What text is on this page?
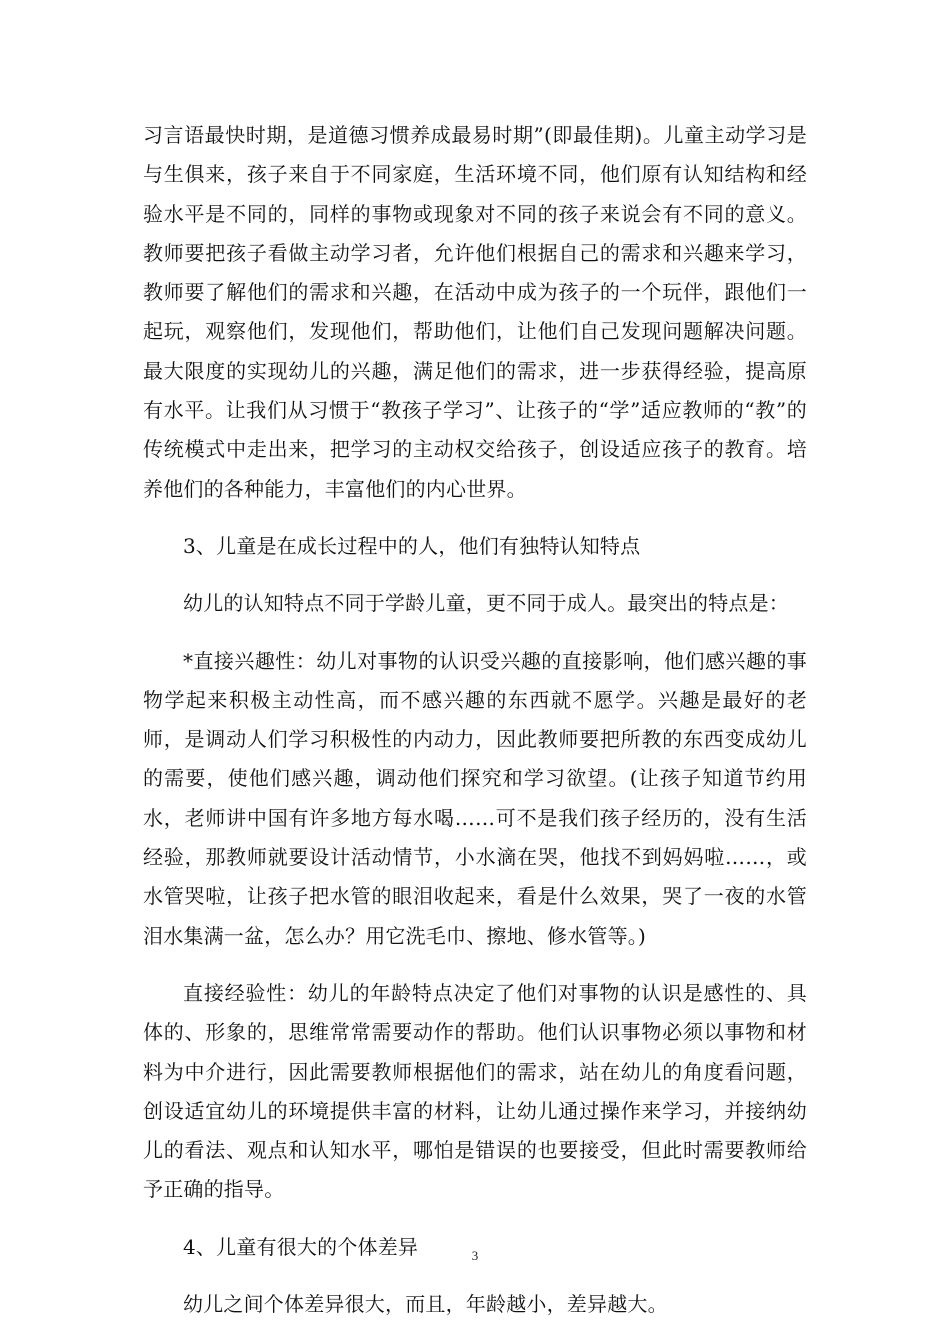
习言语最快时期，是道德习惯养成最易时期”(即最佳期)。儿童主动学习是与生俱来，孩子来自于不同家庭，生活环境不同，他们原有认知结构和经验水平是不同的，同样的事物或现象对不同的孩子来说会有不同的意义。教师要把孩子看做主动学习者，允许他们根据自己的需求和兴趣来学习，教师要了解他们的需求和兴趣，在活动中成为孩子的一个玩伴，跟他们一起玩，观察他们，发现他们，帮助他们，让他们自己发现问题解决问题。最大限度的实现幼儿的兴趣，满足他们的需求，进一步获得经验，提高原有水平。让我们从习惯于“教孩子学习”、让孩子的“学”适应教师的“教”的传统模式中走出来，把学习的主动权交给孩子，创设适应孩子的教育。培养他们的各种能力，丰富他们的内心世界。

3、儿童是在成长过程中的人，他们有独特认知特点

幼儿的认知特点不同于学龄儿童，更不同于成人。最突出的特点是：

*直接兴趣性：幼儿对事物的认识受兴趣的直接影响，他们感兴趣的事物学起来积极主动性高，而不感兴趣的东西就不愿学。兴趣是最好的老师，是调动人们学习积极性的内动力，因此教师要把所教的东西变成幼儿的需要，使他们感兴趣，调动他们探究和学习欲望。(让孩子知道节约用水，老师讲中国有许多地方每水喝……可不是我们孩子经历的，没有生活经验，那教师就要设计活动情节，小水滴在哭，他找不到妈妈啦……，或水管哭啦，让孩子把水管的眼泪收起来，看是什么效果，哭了一夜的水管泪水集满一盆，怎么办？用它洗毛巾、擦地、修水管等。)

直接经验性：幼儿的年龄特点决定了他们对事物的认识是感性的、具体的、形象的，思维常常需要动作的帮助。他们认识事物必须以事物和材料为中介进行，因此需要教师根据他们的需求，站在幼儿的角度看问题，创设适宜幼儿的环境提供丰富的材料，让幼儿通过操作来学习，并接纳幼儿的看法、观点和认知水平，哪怕是错误的也要接受，但此时需要教师给予正确的指导。

4、儿童有很大的个体差异

幼儿之间个体差异很大，而且，年龄越小，差异越大。

3
